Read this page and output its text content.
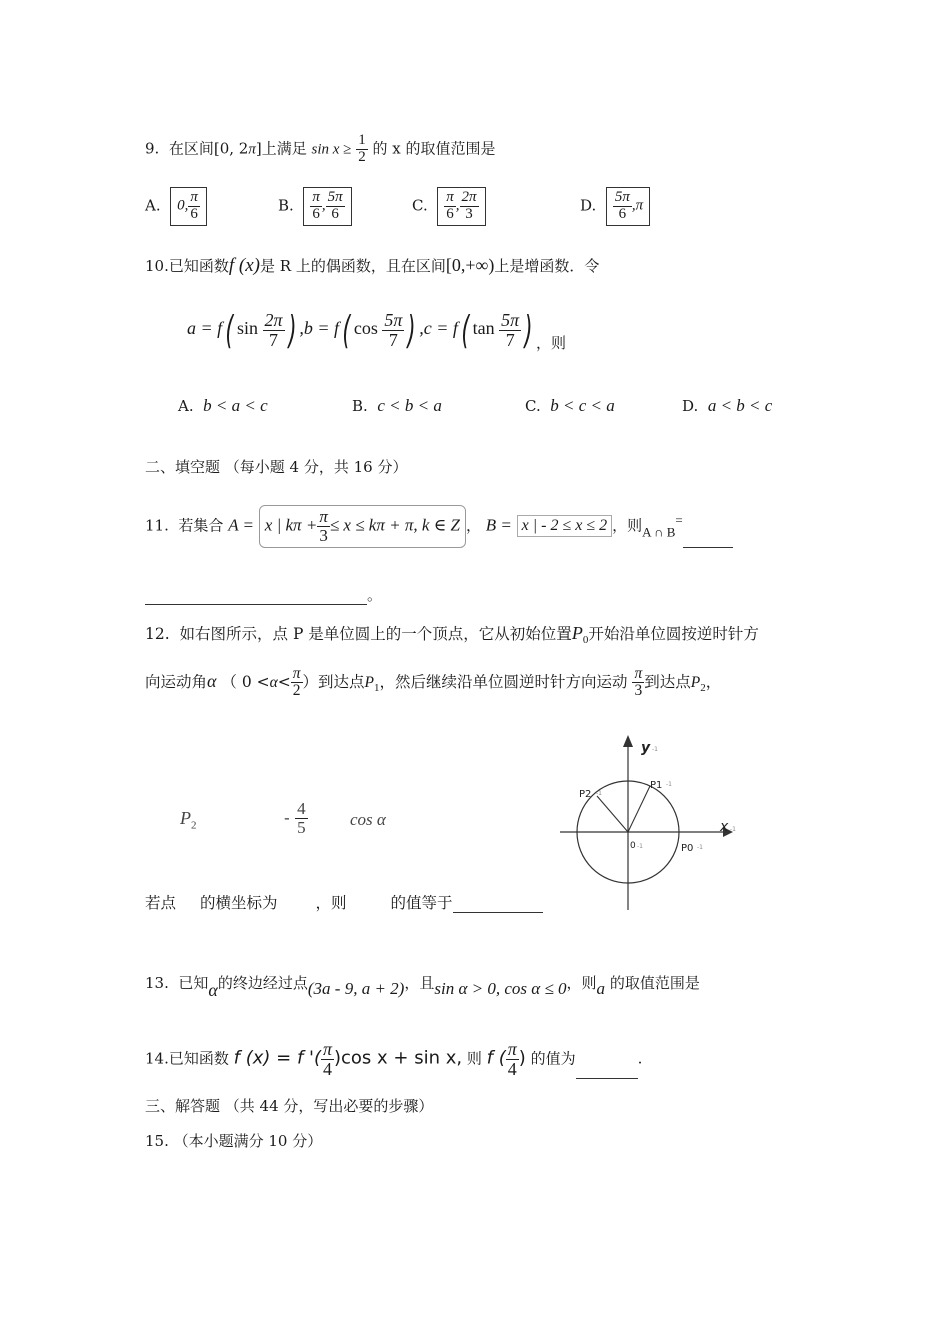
9. 在区间[0, 2π]上满足 $\sin x \ge \frac{1}{2}$ 的 x 的取值范围是
A. 0, $\frac{\pi}{6}$	B. $\frac{\pi}{6}$ , $\frac{5\pi}{6}$	C. $\frac{\pi}{6}$ , $\frac{2\pi}{3}$	D. $\frac{5\pi}{6} ,\pi$
10.已知函数f (x)是 R 上的偶函数，且在区间[0,+∞)上是增函数．令
a = f( $\sin \frac{2\pi}{7}$ ) ,b = f( $\cos \frac{5\pi}{7}$ ) ,c = f( $\tan \frac{5\pi}{7}$ ) $_{,则}$
A. b < a < c	B. c < b < a	C. b < c < a	D. a < b < c
二、填空题 （每小题 4 分，共 16 分）
11. 若集合 A = x | $k\pi + \frac{\pi}{3} \le x \le k\pi + \pi$, k ∈ Z ， B = x | - 2 ≤ x ≤ 2 ，则A ∩ B=
。
12. 如右图所示，点 P 是单位圆上的一个顶点，它从初始位置$P_0$开始沿单位圆按逆时针方
向运动角α （ $0 <\alpha< \frac{\pi}{2}$ ）到达点$P_1$，然后继续沿单位圆逆时针方向运动 $\frac{\pi}{3}$ 到达点$P_2$，
$P_2$	- $\frac{4}{5}$ cos α
若点 的横坐标为 ，则	的值等于
y -1
x -1
0 -1	P0 -1
P1 -1
P2 -1
13. 已知α的终边经过点(3a - 9, a + 2)，且sin α > 0, cos α ≤ 0，则a 的取值范围是
14.已知函数 f (x) = f '( $\frac{\pi}{4} )\cos$ x + sin x, 则 f ( $\frac{\pi}{4}$ ) 的值为	.
三、解答题 （共 44 分，写出必要的步骤）
15. （本小题满分 10 分）
